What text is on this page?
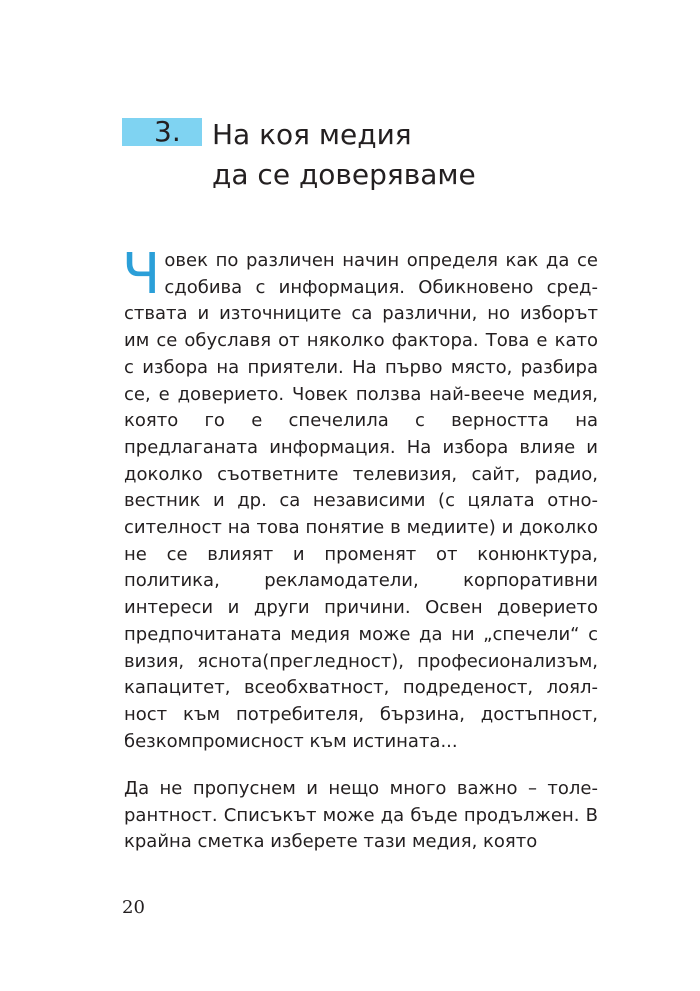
3. На коя медия
да се доверяваме

Ч овек по различен начин определя как да се сдобива с информация. Обикновено средствата и източниците са различни, но изборът им се обуславя от няколко фактора. Това е като с избора на приятели. На първо място, разбира се, е доверието. Човек ползва най-веече медия, която го е спечелила с верността на предлаганата информация. На избора влияе и доколко съответните телевизия, сайт, радио, вестник и др. са независими (с цялата относителност на това понятие в медиите) и доколко не се влияят и променят от конюнктура, политика, рекламодатели, корпоративни интереси и други причини. Освен доверието предпочитаната медия може да ни „спечели“ с визия, яснота(прегледност), професионализъм, капацитет, всеобхватност, подреденост, лоялност към потребителя, бързина, достъпност, безкомпромисност към истината...

Да не пропуснем и нещо много важно – толерантност. Списъкът може да бъде продължен. В крайна сметка изберете тази медия, която

20
